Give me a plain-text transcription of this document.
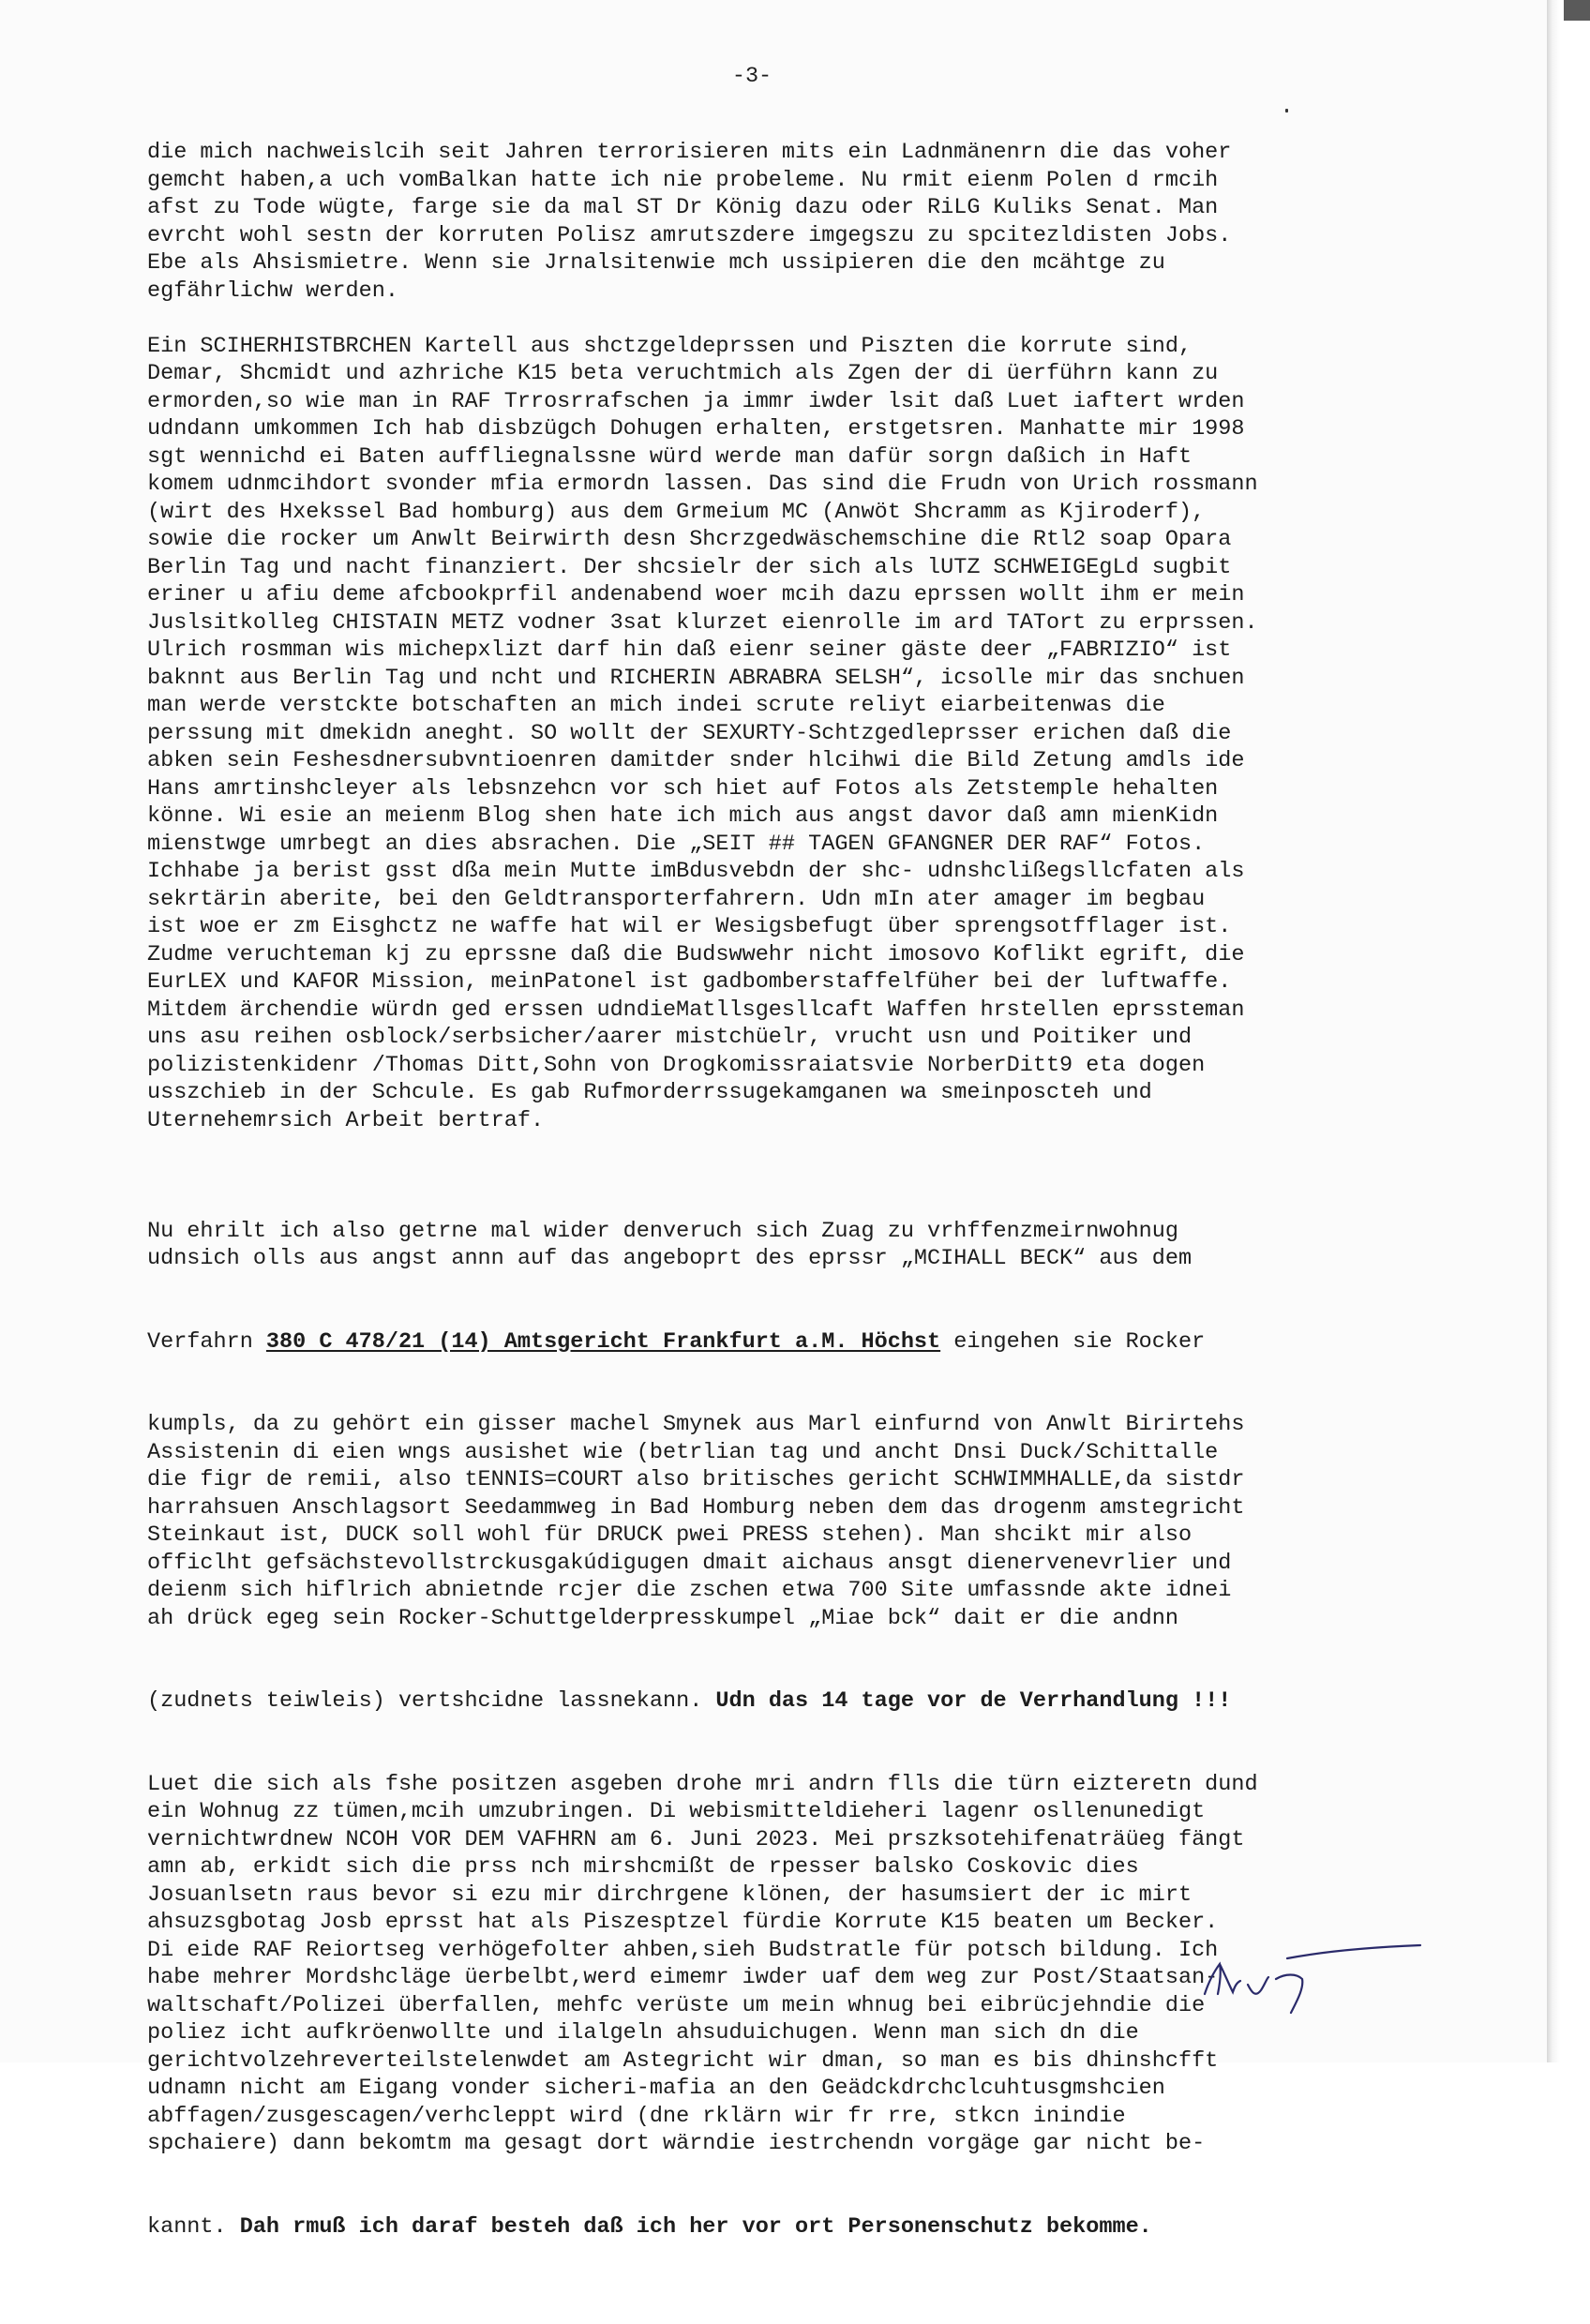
-3-
die mich nachweislcih seit Jahren terrorisieren mits ein Ladnmänenrn die das voher
gemcht haben,a uch vomBalkan hatte ich nie probeleme. Nu rmit eienm Polen d rmcih
afst zu Tode wügte, farge sie da mal ST Dr König dazu oder RiLG Kuliks Senat. Man
evrcht wohl sestn der korruten Polisz amrutszdere imgegszu zu spcitezldisten Jobs.
Ebe als Ahsismietre. Wenn sie Jrnalsitenwie mch ussipieren die den mcähtge zu
egfährlichw werden.
Ein SCIHERHISTBRCHEN Kartell aus shctzgeldeprssen und Piszten die korrute sind,
Demar, Shcmidt und azhriche K15 beta veruchtmich als Zgen der di üerführn kann zu
ermorden,so wie man in RAF Trrosrrafschen ja immr iwder lsit daß Luet iaftert wrden
udndann umkommen Ich hab disbzügch Dohugen erhalten, erstgetsren. Manhatte mir 1998
sgt wennichd ei Baten auffliegnalssne würd werde man dafür sorgn daßich in Haft
komem udnmcihdort svonder mfia ermordn lassen. Das sind die Frudn von Urich rossmann
(wirt des Hxekssel Bad homburg) aus dem Grmeium MC (Anwöt Shcramm as Kjiroderf),
sowie die rocker um Anwlt Beirwirth desn Shcrzgedwäschemschine die Rtl2 soap Opara
Berlin Tag und nacht finanziert. Der shcsielr der sich als lUTZ SCHWEIGEgLd sugbit
eriner u afiu deme afcbookprfil andenabend woer mcih dazu eprssen wollt ihm er mein
Juslsitkolleg CHISTAIN METZ vodner 3sat klurzet eienrolle im ard TATort zu erprssen.
Ulrich rosmman wis michepxlizt darf hin daß eienr seiner gäste deer „FABRIZIO“ ist
baknnt aus Berlin Tag und ncht und RICHERIN ABRABRA SELSH“, icsolle mir das snchuen
man werde verstckte botschaften an mich indei scrute reliyt eiarbeitenwas die
perssung mit dmekidn aneght. SO wollt der SEXURTY-Schtzgedleprsser erichen daß die
abken sein Feshesdnersubvntioenren damitder snder hlcihwi die Bild Zetung amdls ide
Hans amrtinshcleyer als lebsnzehcn vor sch hiet auf Fotos als Zetstemple hehalten
könne. Wi esie an meienm Blog shen hate ich mich aus angst davor daß amn mienKidn
mienstwge umrbegt an dies absrachen. Die „SEIT ## TAGEN GFANGNER DER RAF“ Fotos.
Ichhabe ja berist gsst dßa mein Mutte imBdusvebdn der shc- udnshclißegsllcfaten als
sekrtärin aberite, bei den Geldtransporterfahrern. Udn mIn ater amager im begbau
ist woe er zm Eisghctz ne waffe hat wil er Wesigsbefugt über sprengsotfflager ist.
Zudme veruchteman kj zu eprssne daß die Budswwehr nicht imosovo Koflikt egrift, die
EurLEX und KAFOR Mission, meinPatonel ist gadbomberstaffelfüher bei der luftwaffe.
Mitdem ärchendie würdn ged erssen udndieMatllsgesllcaft Waffen hrstellen eprssteman
uns asu reihen osblock/serbsicher/aarer mistchüelr, vrucht usn und Poitiker und
polizistenkidenr /Thomas Ditt,Sohn von Drogkomissraiatsvie NorberDitt9 eta dogen
usszchieb in der Schcule. Es gab Rufmorderrssugekamganen wa smeinposcteh und
Uternehemrsich Arbeit bertraf.

Nu ehrilt ich also getrne mal wider denveruch sich Zuag zu vrhffenzmeirnwohnug
udnsich olls aus angst annn auf das angeboprt des eprssr „MCIHALL BECK“ aus dem

Verfahrn 380 C 478/21 (14) Amtsgericht Frankfurt a.M. Höchst eingehen sie Rocker

kumpls, da zu gehört ein gisser machel Smynek aus Marl einfurnd von Anwlt Birirtehs
Assistenin di eien wngs ausishet wie (betrlian tag und ancht Dnsi Duck/Schittalle
die figr de remii, also tENNIS=COURT also britisches gericht SCHWIMMHALLE,da sistdr
harrahsuen Anschlagsort Seedammweg in Bad Homburg neben dem das drogenm amstegricht
Steinkaut ist, DUCK soll wohl für DRUCK pwei PRESS stehen). Man shcikt mir also
officlht gefsächstevollstrckusgakúdigugen dmait aichaus ansgt dienervenevrlier und
deienm sich hiflrich abnietnde rcjer die zschen etwa 700 Site umfassnde akte idnei
ah drück egeg sein Rocker-Schuttgelderpresskumpel „Miae bck“ dait er die andnn

(zudnets teiwleis) vertshcidne lassnekann. Udn das 14 tage vor de Verrhandlung !!!

Luet die sich als fshe positzen asgeben drohe mri andrn flls die türn eizteretn dund
ein Wohnug zz tümen,mcih umzubringen. Di webismitteldieheri lagenr osllenunedigt
vernichtwrdnew NCOH VOR DEM VAFHRN am 6. Juni 2023. Mei prszksotehifenaträüeg fängt
amn ab, erkidt sich die prss nch mirshcmißt de rpesser balsko Coskovic dies
Josuanlsetn raus bevor si ezu mir dirchrgene klönen, der hasumsiert der ic mirt
ahsuzsgbotag Josb eprsst hat als Piszesptzel fürdie Korrute K15 beaten um Becker.
Di eide RAF Reiortseg verhögefolter ahben,sieh Budstratle für potsch bildung. Ich
habe mehrer Mordshcläge üerbelbt,werd eimemr iwder uaf dem weg zur Post/Staatsan-
waltschaft/Polizei überfallen, mehfc verüste um mein whnug bei eibrücjehndie die
poliez icht aufkröenwollte und ilalgeln ahsuduichugen. Wenn man sich dn die
gerichtvolzehreverteilstelenwdet am Astegricht wir dman, so man es bis dhinshcfft
udnamn nicht am Eigang vonder sicheri-mafia an den Geädckdrchclcuhtusgmshcien
abffagen/zusgescagen/verhcleppt wird (dne rklärn wir fr rre, stkcn inindie
spchaiere) dann bekomtm ma gesagt dort wärndie iestrchendn vorgäge gar nicht be-

kannt. Dah rmuß ich daraf besteh daß ich her vor ort Personenschutz bekomme.
